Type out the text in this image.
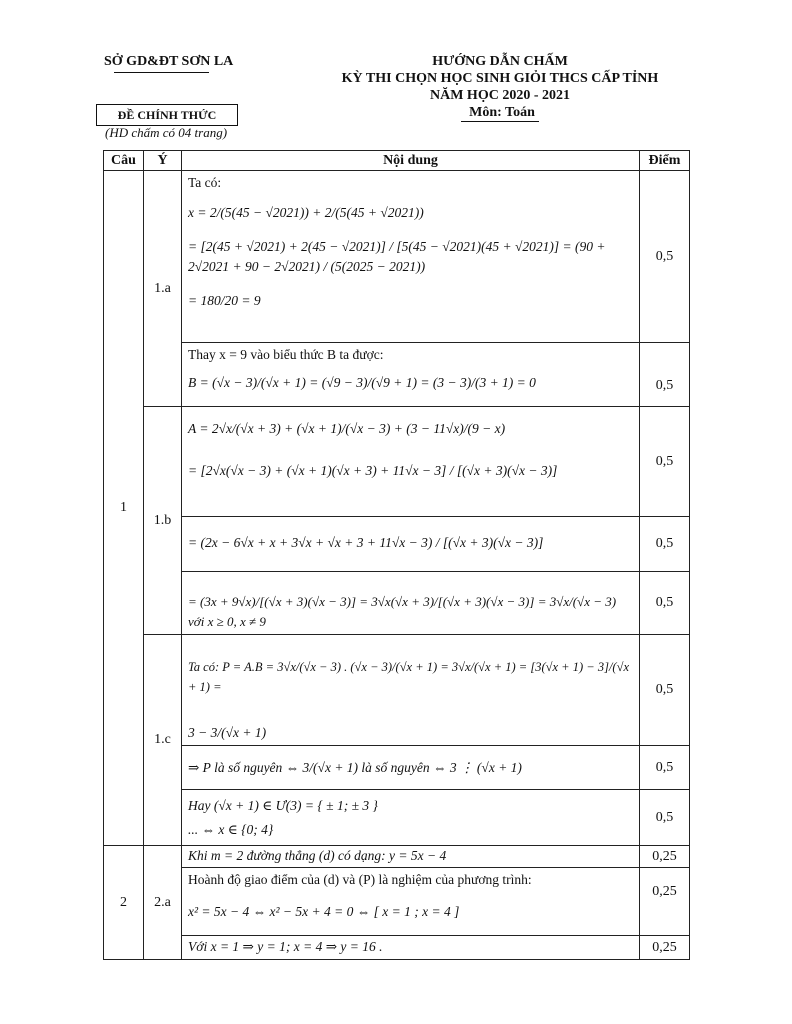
SỞ GD&ĐT SƠN LA	HƯỚNG DẪN CHẤM
KỲ THI CHỌN HỌC SINH GIỎI THCS CẤP TỈNH
NĂM HỌC 2020 - 2021
Môn: Toán
ĐỀ CHÍNH THỨC
(HD chấm có 04 trang)
Câu	Ý	Nội dung	Điểm
1	1.a	Ta có:
x = 2/(5(45 − √2021)) + 2/(5(45 + √2021))
= [2(45 + √2021) + 2(45 − √2021)] / [5(45 − √2021)(45 + √2021)] = (90 + 2√2021 + 90 − 2√2021) / (5(2025 − 2021))
= 180/20 = 9	0,5

		Thay x = 9 vào biểu thức B ta được:
B = (√x − 3)/(√x + 1) = (√9 − 3)/(√9 + 1) = (3 − 3)/(3 + 1) = 0	0,5
	1.b	A = 2√x/(√x + 3) + (√x + 1)/(√x − 3) + (3 − 11√x)/(9 − x)
= [2√x(√x − 3) + (√x + 1)(√x + 3) + 11√x − 3] / [(√x + 3)(√x − 3)]	0,5

		= (2x − 6√x + x + 3√x + √x + 3 + 11√x − 3) / [(√x + 3)(√x − 3)]	0,5

		= (3x + 9√x)/[(√x + 3)(√x − 3)] = 3√x(√x + 3)/[(√x + 3)(√x − 3)] = 3√x/(√x − 3) với x ≥ 0, x ≠ 9	0,5
	1.c	Ta có: P = A.B = 3√x/(√x − 3) . (√x − 3)/(√x + 1) = 3√x/(√x + 1) = [3(√x + 1) − 3]/(√x + 1) =
3 − 3/(√x + 1)	0,5

		⇒ P là số nguyên ⇔ 3/(√x + 1) là số nguyên ⇔ 3 ⋮ (√x + 1)	0,5

		Hay (√x + 1) ∈ Ư(3) = { ± 1; ± 3 }
... ⇔ x ∈ {0; 4}	0,5
2	2.a	Khi m = 2 đường thẳng (d) có dạng: y = 5x − 4	0,25

		Hoành độ giao điểm của (d) và (P) là nghiệm của phương trình:
x² = 5x − 4 ⇔ x² − 5x + 4 = 0 ⇔ [ x = 1 ; x = 4 ]	0,25

		Với x = 1 ⇒ y = 1; x = 4 ⇒ y = 16 .	0,25
